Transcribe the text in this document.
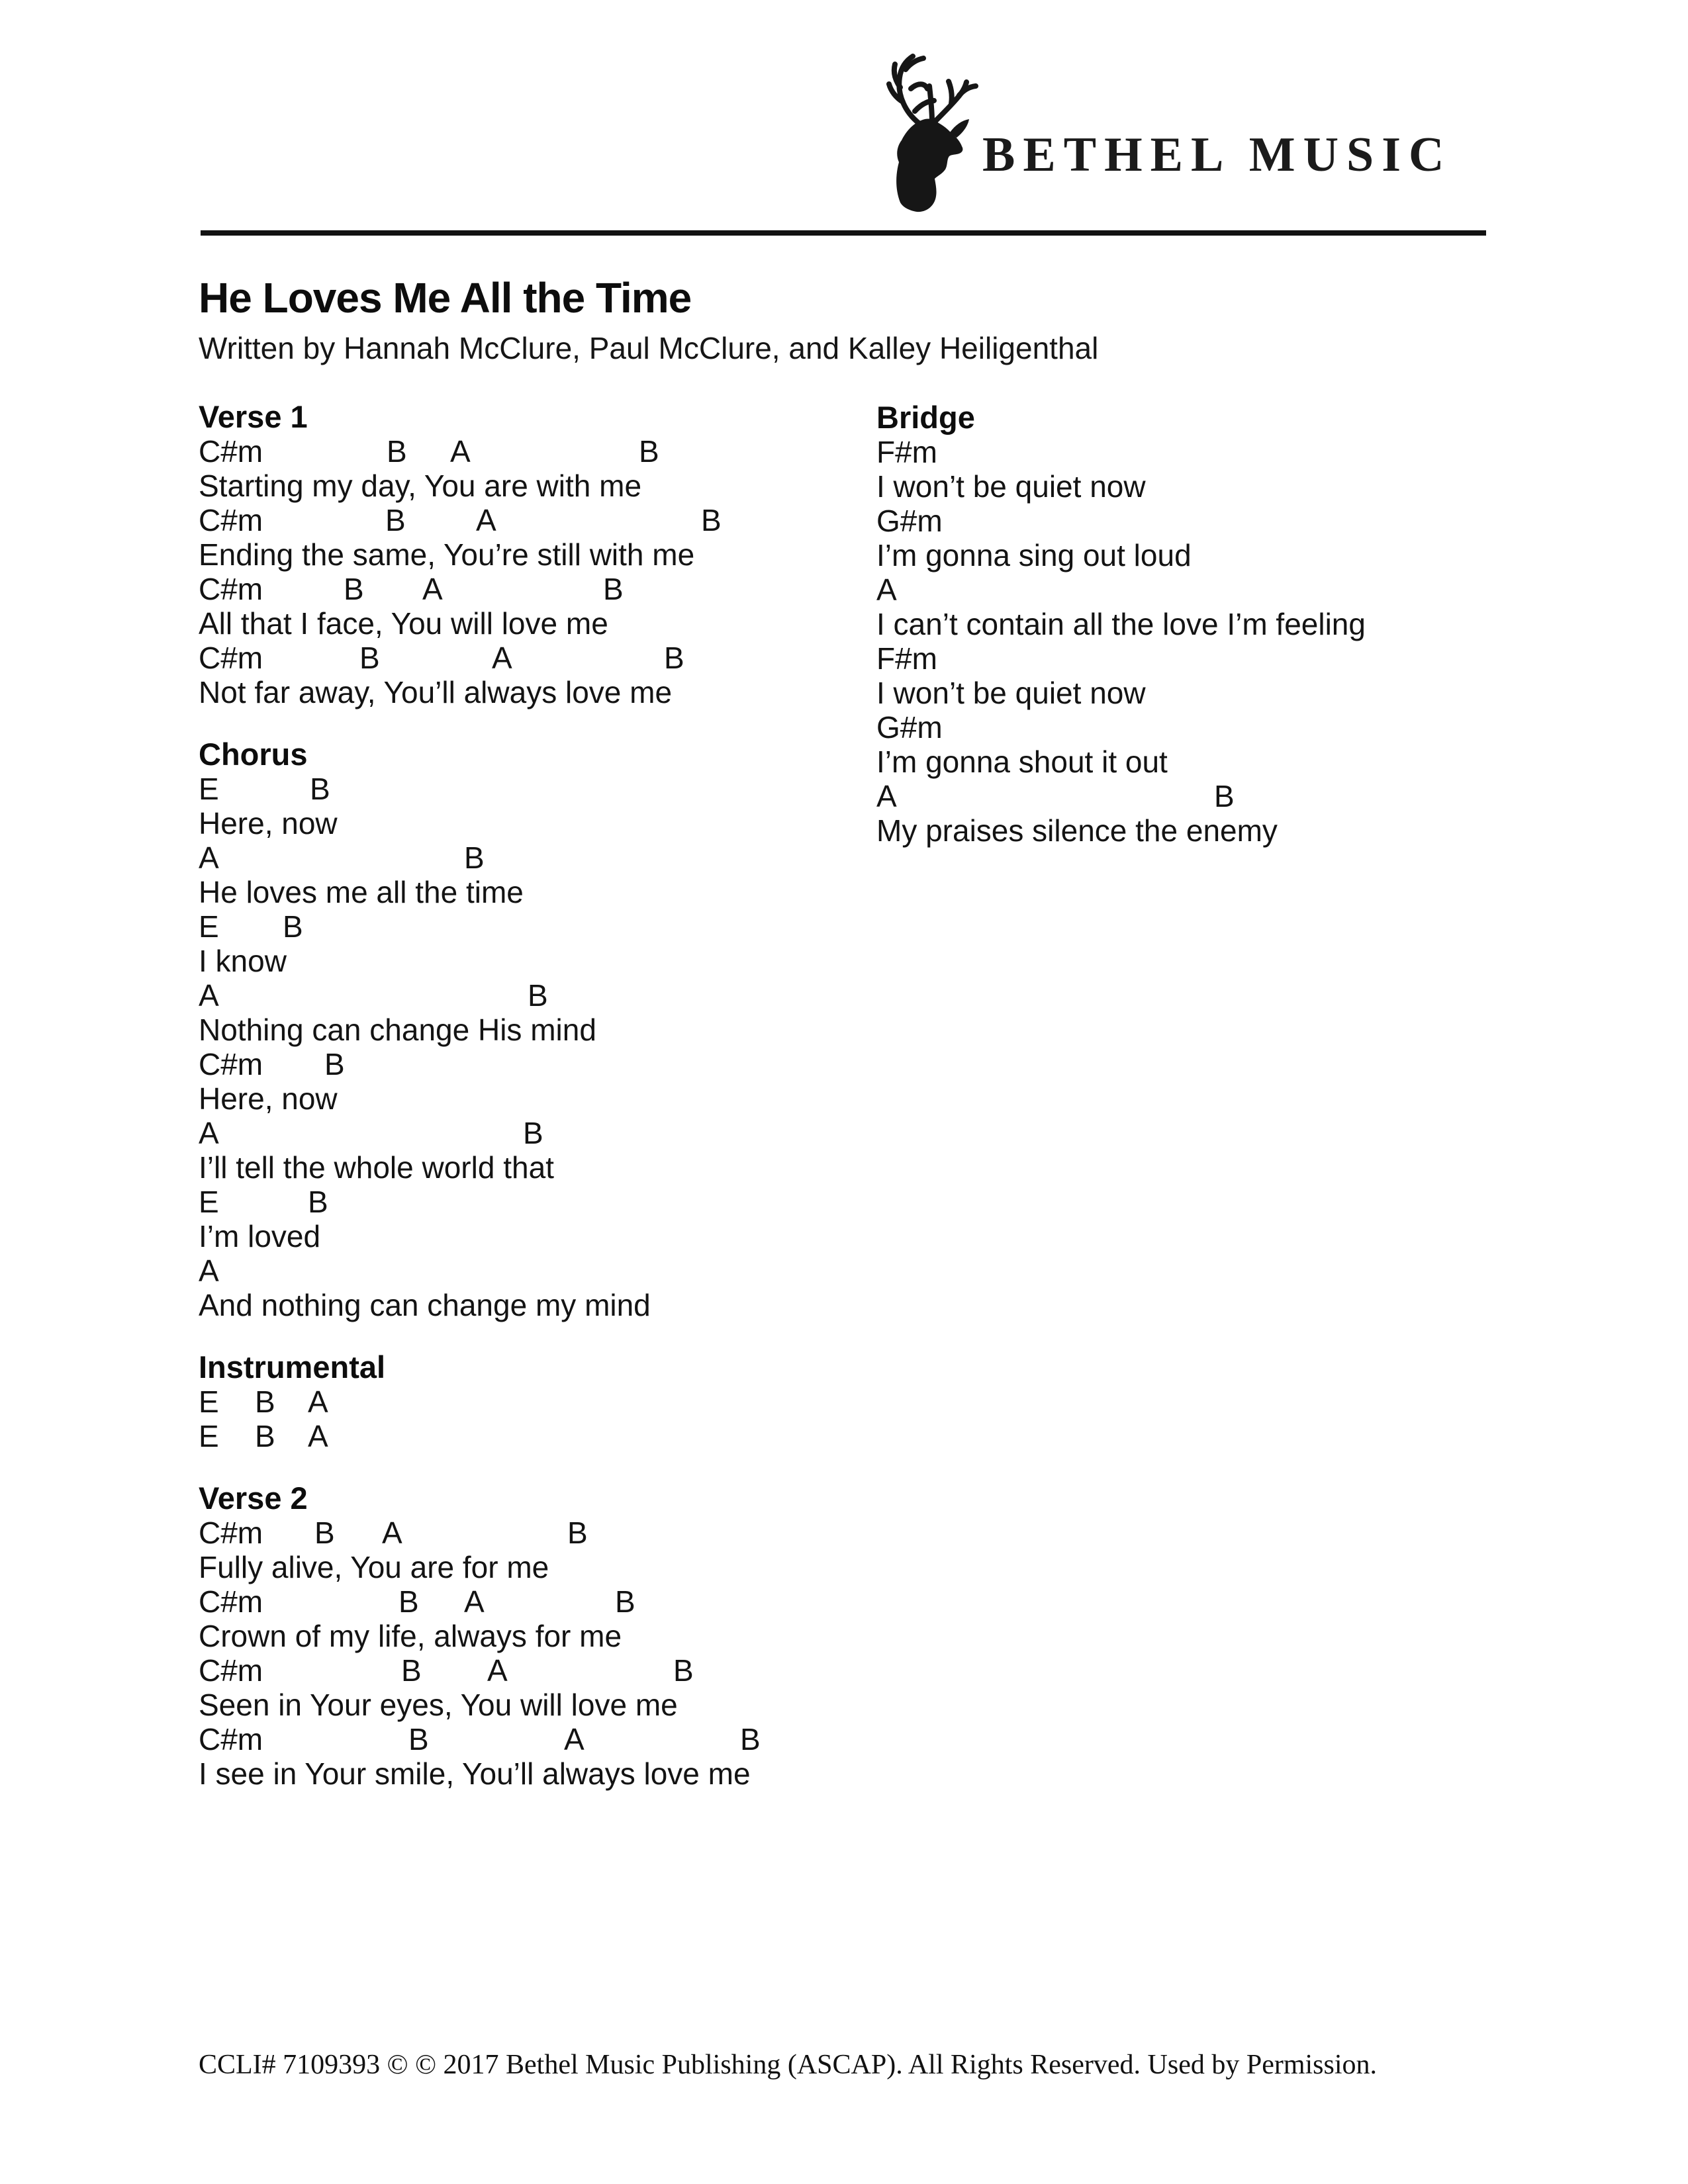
BETHEL MUSIC
He Loves Me All the Time
Written by Hannah McClure, Paul McClure, and Kalley Heiligenthal
Verse 1
C#m	B A	B
Starting my day, You are with me
C#m	B A	B
Ending the same, You’re still with me
C#m	B A	B
All that I face, You will love me
C#m	B	A	B
Not far away, You’ll always love me
Chorus
E	B
Here, now
A	B
He loves me all the time
E B
I know
A	B
Nothing can change His mind
C#m B
Here, now
A	B
I’ll tell the whole world that
E	B
I’m loved
A
And nothing can change my mind
Instrumental
E B A
E B A
Verse 2
C#m B A	B
Fully alive, You are for me
C#m	B A	B
Crown of my life, always for me
C#m	B A	B
Seen in Your eyes, You will love me
C#m	B	A	B
I see in Your smile, You’ll always love me
Bridge
F#m
I won’t be quiet now
G#m
I’m gonna sing out loud
A
I can’t contain all the love I’m feeling
F#m
I won’t be quiet now
G#m
I’m gonna shout it out
A	B
My praises silence the enemy
CCLI# 7109393 © © 2017 Bethel Music Publishing (ASCAP). All Rights Reserved. Used by Permission.
